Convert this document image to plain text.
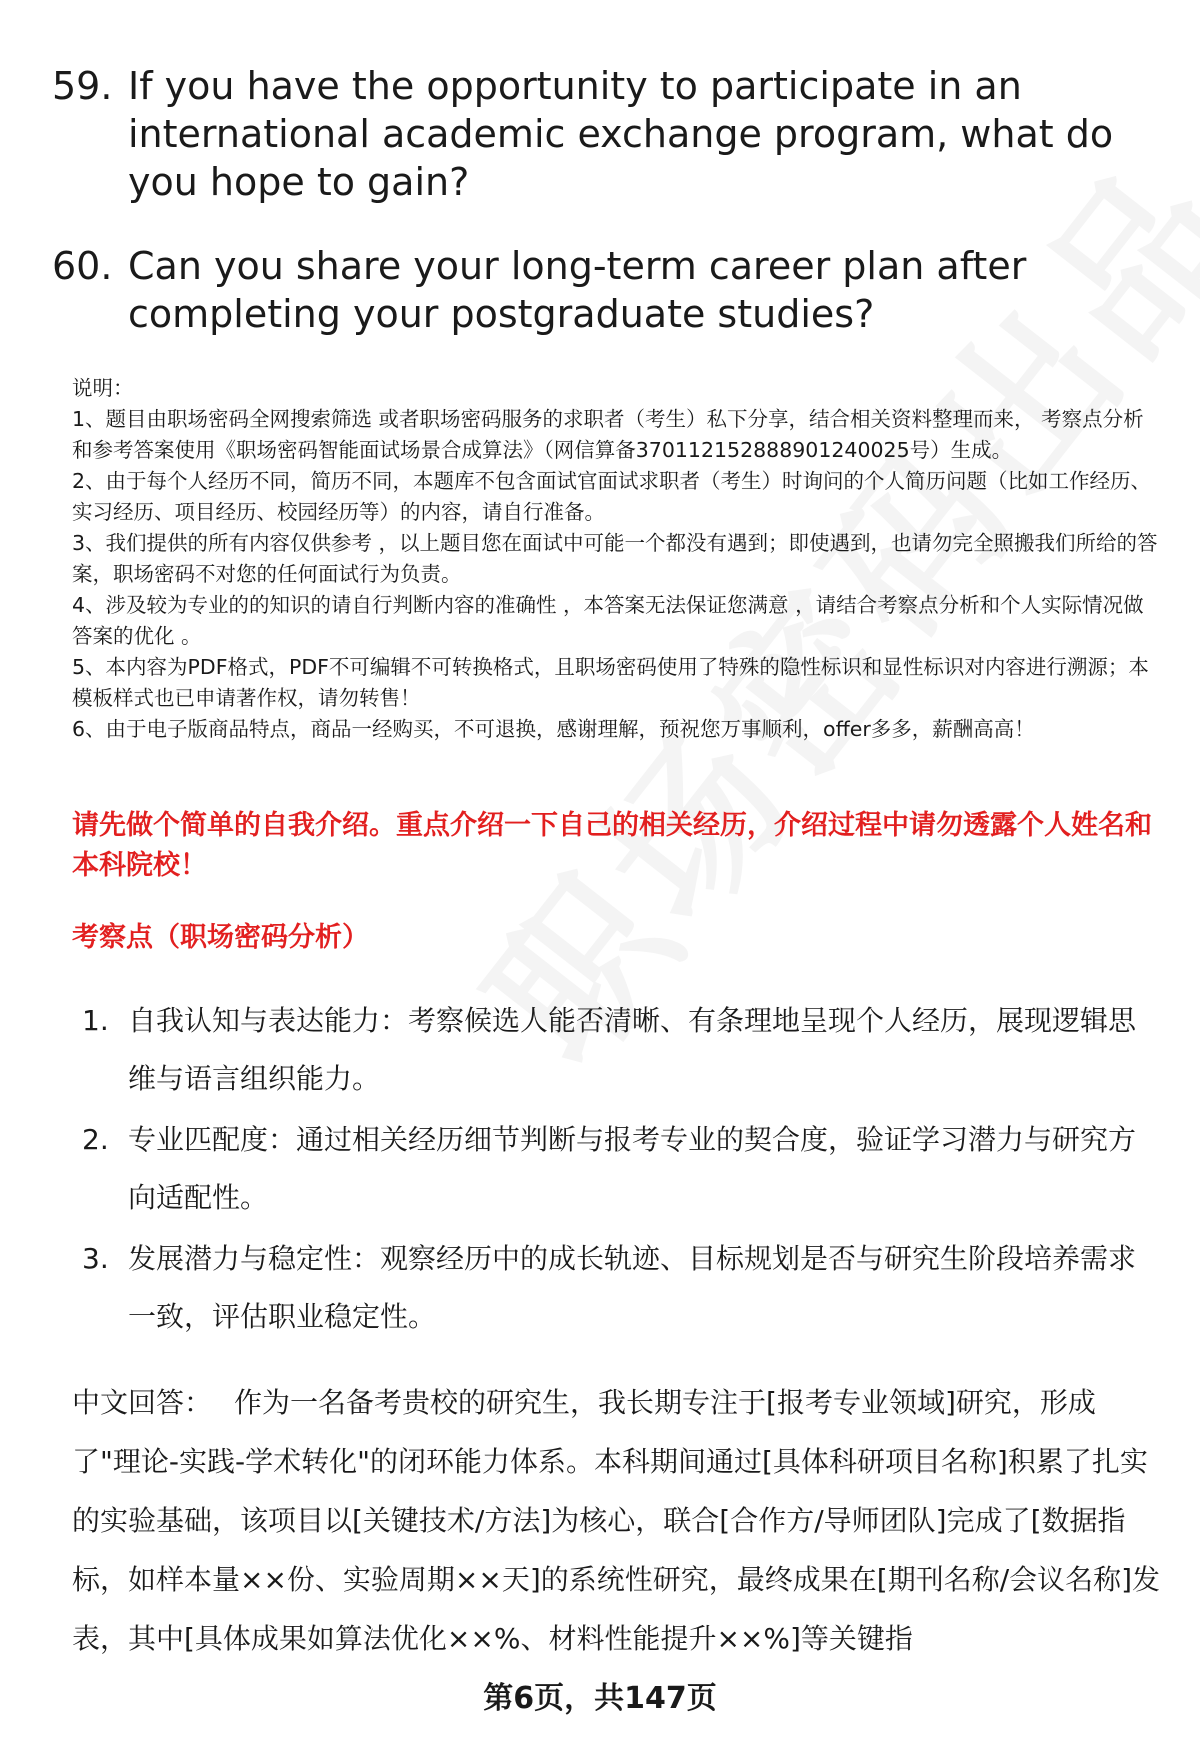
59. If you have the opportunity to participate in an international academic exchange program, what do you hope to gain?
60. Can you share your long-term career plan after completing your postgraduate studies?
说明：
1、题目由职场密码全网搜索筛选 或者职场密码服务的求职者（考生）私下分享，结合相关资料整理而来， 考察点分析和参考答案使用《职场密码智能面试场景合成算法》（网信算备370112152888901240025号）生成。
2、由于每个人经历不同，简历不同，本题库不包含面试官面试求职者（考生）时询问的个人简历问题（比如工作经历、实习经历、项目经历、校园经历等）的内容，请自行准备。
3、我们提供的所有内容仅供参考 ，以上题目您在面试中可能一个都没有遇到；即使遇到，也请勿完全照搬我们所给的答案，职场密码不对您的任何面试行为负责。
4、涉及较为专业的的知识的请自行判断内容的准确性 ，本答案无法保证您满意 ，请结合考察点分析和个人实际情况做答案的优化 。
5、本内容为PDF格式，PDF不可编辑不可转换格式，且职场密码使用了特殊的隐性标识和显性标识对内容进行溯源；本模板样式也已申请著作权，请勿转售！
6、由于电子版商品特点，商品一经购买，不可退换，感谢理解，预祝您万事顺利，offer多多，薪酬高高！
请先做个简单的自我介绍。重点介绍一下自己的相关经历，介绍过程中请勿透露个人姓名和本科院校！
考察点（职场密码分析）
1. 自我认知与表达能力：考察候选人能否清晰、有条理地呈现个人经历，展现逻辑思维与语言组织能力。
2. 专业匹配度：通过相关经历细节判断与报考专业的契合度，验证学习潜力与研究方向适配性。
3. 发展潜力与稳定性：观察经历中的成长轨迹、目标规划是否与研究生阶段培养需求一致，评估职业稳定性。
中文回答： 作为一名备考贵校的研究生，我长期专注于[报考专业领域]研究，形成了"理论-实践-学术转化"的闭环能力体系。本科期间通过[具体科研项目名称]积累了扎实的实验基础，该项目以[关键技术/方法]为核心，联合[合作方/导师团队]完成了[数据指标，如样本量××份、实验周期××天]的系统性研究，最终成果在[期刊名称/会议名称]发表，其中[具体成果如算法优化××%、材料性能提升××%]等关键指
第6页，共147页
